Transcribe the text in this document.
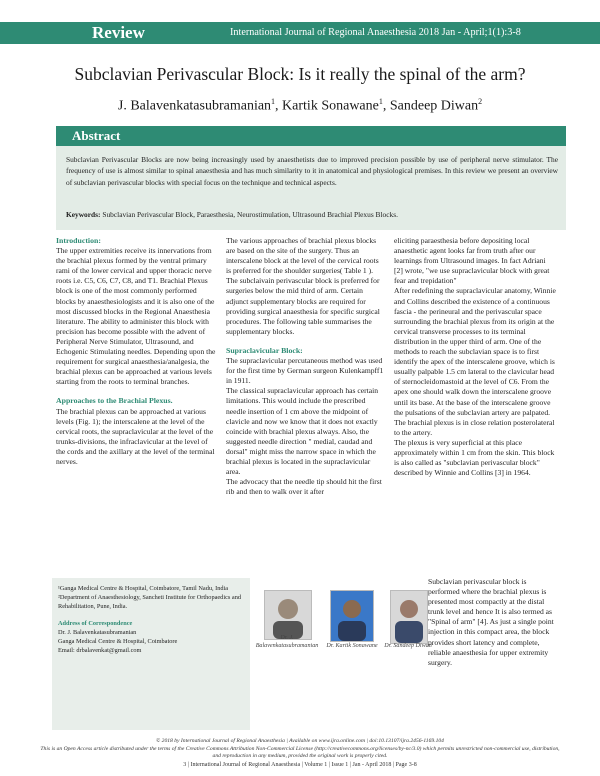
Review	International Journal of Regional Anaesthesia 2018 Jan - April;1(1):3-8
Subclavian Perivascular Block: Is it really the spinal of the arm?
J. Balavenkatasubramanian$^1$, Kartik Sonawane$^1$, Sandeep Diwan$^2$
Abstract
Subclavian Perivascular Blocks are now being increasingly used by anaesthetists due to improved precision possible by use of peripheral nerve stimulator. The frequency of use is almost similar to spinal anaesthesia and has much similarity to it in anatomical and physiological premises. In this review we present an overview of subclavian perivascular blocks with special focus on the technique and technical aspects.
Keywords: Subclavian Perivascular Block, Paraesthesia, Neurostimulation, Ultrasound Brachial Plexus Blocks.

Introduction:

The upper extremities receive its innervations from the brachial plexus formed by the ventral primary rami of the lower cervical and upper thoracic nerve roots i.e. C5, C6, C7, C8, and T1. Brachial Plexus block is one of the most commonly performed blocks by anaesthesiologists and it is also one of the most discussed blocks in the Regional Anaesthesia literature. The ability to administer this block with precision has become possible with the advent of Peripheral Nerve Stimulator, Ultrasound, and Echogenic Stimulating needles. Depending upon the requirement for surgical anaesthesia/analgesia, the brachial plexus can be approached at various levels starting from the roots to terminal branches.

Approaches to the Brachial Plexus.

The brachial plexus can be approached at various levels (Fig. 1); the interscalene at the level of the cervical roots, the supraclavicular at the level of the trunks-divisions, the infraclavicular at the level of the cords and the axillary at the level of the terminal nerves.

The various approaches of brachial plexus blocks are based on the site of the surgery. Thus an interscalene block at the level of the cervical roots is preferred for the shoulder surgeries( Table 1 ). The subclaivain perivascular block is preferred for surgeries below the mid third of arm. Certain adjunct supplementary blocks are required for providing surgical anaesthesia for specific surgical procedures. The following table summarises the supplementary blocks.

Supraclavicular Block:

The supraclavicular percutaneous method was used for the first time by German surgeon Kulenkampff1 in 1911.

The classical supraclavicular approach has certain limitations. This would include the prescribed needle insertion of 1 cm above the midpoint of clavicle and now we know that it does not exactly coincide with brachial plexus always. Also, the suggested needle direction " medial, caudad and dorsal" might miss the narrow space in which the brachial plexus is located in the supraclavicular area.

The advocacy that the needle tip should hit the first rib and then to walk over it after

eliciting paraesthesia before depositing local anaesthetic agent looks far from truth after our learnings from Ultrasound images. In fact Adriani [2] wrote, "we use supraclavicular block with great fear and trepidation"

After redefining the supraclavicular anatomy, Winnie and Collins described the existence of a continuous fascia - the perineural and the perivascular space surrounding the brachial plexus from its origin at the cervical transverse processes to its terminal distribution in the upper third of arm. One of the methods to reach the subclavian space is to first identify the apex of the interscalene groove, which is usually palpable 1.5 cm lateral to the clavicular head of sternocleidomastoid at the level of C6. From the apex one should walk down the interscalene groove until its base. At the base of the interscalene groove the pulsations of the subclavian artery are palpated. The brachial plexus is in close relation posterolateral to the artery.

The plexus is very superficial at this place approximately within 1 cm from the skin. This block is also called as "subclavian perivascular block" described by Winnie and Collins [3] in 1964.

Subclavian perivascular block is performed where the brachial plexus is presented most compactly at the distal trunk level and hence It is also termed as "Spinal of arm" [4]. As just a single point injection in this compact area, the block provides short latency and complete, reliable anaesthesia for upper extremity surgery.

¹Ganga Medical Centre & Hospital, Coimbatore, Tamil Nadu, India
²Department of Anaesthesiology, Sancheti Institute for Orthopaedics and Rehabilitation, Pune, India.
Address of Correspondence
Dr. J. Balavenkatasubramanian
Ganga Medical Centre & Hospital, Coimbatore
Email: drbalavenkat@gmail.com
Dr. J. Balavenkatasubramanian	Dr. Kartik Sonawane	Dr. Sandeep Diwan
© 2018 by International Journal of Regional Anaesthesia | Available on www.ijra.online.com | doi:10.13107/ijra.2456-1169.104
This is an Open Access article distributed under the terms of the Creative Commons Attribution Non-Commercial License (http://creativecommons.org/licenses/by-nc/3.0) which permits unrestricted non-commercial use, distribution, and reproduction in any medium, provided the original work is properly cited.
3 | International Journal of Regional Anaesthesia | Volume 1 | Issue 1 | Jan - April 2018 | Page 3-8
